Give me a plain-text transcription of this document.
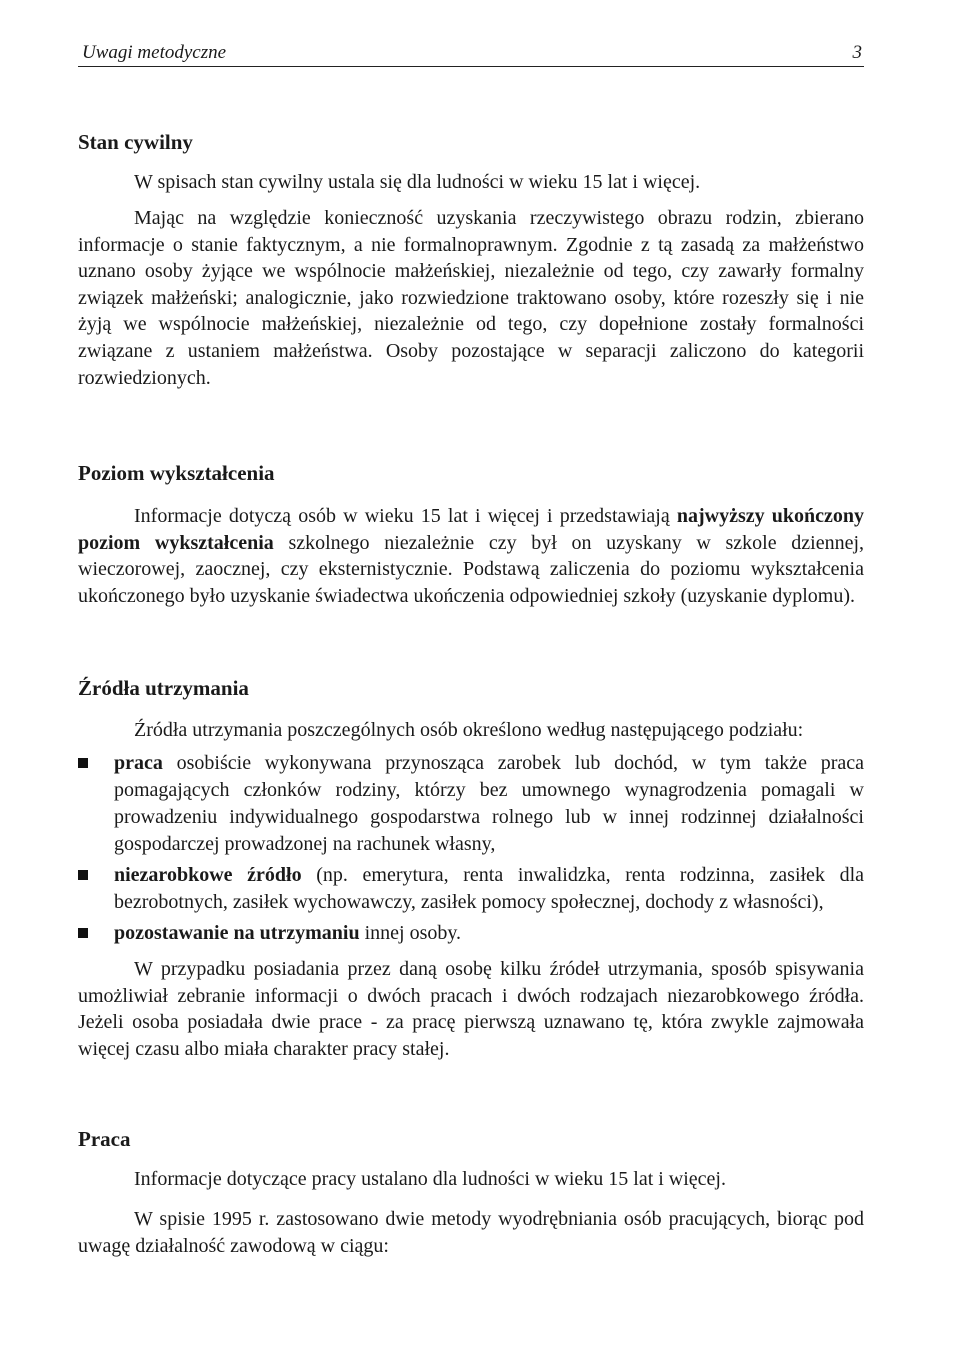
Uwagi metodyczne	3
Stan cywilny

W spisach stan cywilny ustala się dla ludności w wieku 15 lat i więcej.

Mając na względzie konieczność uzyskania rzeczywistego obrazu rodzin, zbierano informacje o stanie faktycznym, a nie formalnoprawnym. Zgodnie z tą zasadą za małżeństwo uznano osoby żyjące we wspólnocie małżeńskiej, niezależnie od tego, czy zawarły formalny związek małżeński; analogicznie, jako rozwiedzione traktowano osoby, które rozeszły się i nie żyją we wspólnocie małżeńskiej, niezależnie od tego, czy dopełnione zostały formalności związane z ustaniem małżeństwa. Osoby pozostające w separacji zaliczono do kategorii rozwiedzionych.

Poziom wykształcenia

Informacje dotyczą osób w wieku 15 lat i więcej i przedstawiają najwyższy ukończony poziom wykształcenia szkolnego niezależnie czy był on uzyskany w szkole dziennej, wieczorowej, zaocznej, czy eksternistycznie. Podstawą zaliczenia do poziomu wykształcenia ukończonego było uzyskanie świadectwa ukończenia odpowiedniej szkoły (uzyskanie dyplomu).

Źródła utrzymania

Źródła utrzymania poszczególnych osób określono według następującego podziału:

praca osobiście wykonywana przynosząca zarobek lub dochód, w tym także praca pomagających członków rodziny, którzy bez umownego wynagrodzenia pomagali w prowadzeniu indywidualnego gospodarstwa rolnego lub w innej rodzinnej działalności gospodarczej prowadzonej na rachunek własny,
niezarobkowe źródło (np. emerytura, renta inwalidzka, renta rodzinna, zasiłek dla bezrobotnych, zasiłek wychowawczy, zasiłek pomocy społecznej, dochody z własności),
pozostawanie na utrzymaniu innej osoby.

W przypadku posiadania przez daną osobę kilku źródeł utrzymania, sposób spisywania umożliwiał zebranie informacji o dwóch pracach i dwóch rodzajach niezarobkowego źródła. Jeżeli osoba posiadała dwie prace - za pracę pierwszą uznawano tę, która zwykle zajmowała więcej czasu albo miała charakter pracy stałej.

Praca

Informacje dotyczące pracy ustalano dla ludności w wieku 15 lat i więcej.

W spisie 1995 r. zastosowano dwie metody wyodrębniania osób pracujących, biorąc pod uwagę działalność zawodową w ciągu:
